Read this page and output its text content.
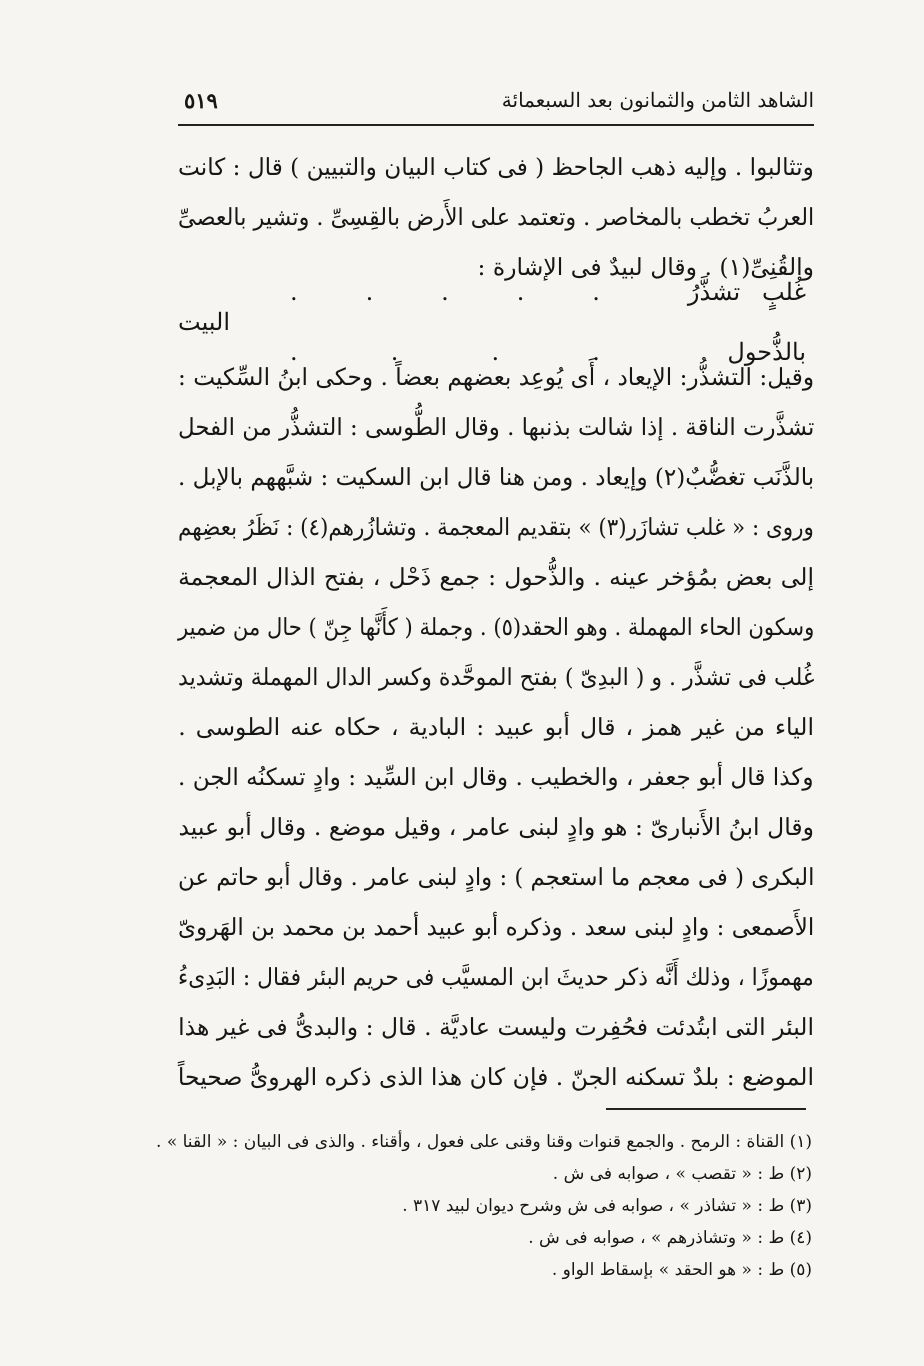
٥١٩	الشاهد الثامن والثمانون بعد السبعمائة
وتثالبوا . وإليه ذهب الجاحظ ( فى كتاب البيان والتبيين ) قال : كانت
العربُ تخطب بالمخاصر . وتعتمد على الأَرض بالقِسِىِّ . وتشير بالعصىِّ
والقُنِىِّ(١) . وقال لبيدٌ فى الإشارة :
غُلبٍ تشذَّرُ بالذُّحول
. . . . . . . . .
البيت
وقيل: التشذُّر: الإيعاد ، أَى يُوعِد بعضهم بعضاً . وحكى ابنُ السِّكيت :
تشذَّرت الناقة . إذا شالت بذنبها . وقال الطُّوسى : التشذُّر من الفحل
بالذَّنَب تغضُّبٌ(٢) وإيعاد . ومن هنا قال ابن السكيت : شبَّههم بالإبل .
وروى : « غلب تشازَر(٣) » بتقديم المعجمة . وتشازُرهم(٤) : نَظَرُ بعضِهم
إلى بعض بمُؤخر عينه . والذُّحول : جمع ذَحْل ، بفتح الذال المعجمة
وسكون الحاء المهملة . وهو الحقد(٥) . وجملة ( كأَنَّها جِنّ ) حال من ضمير
غُلب فى تشذَّر . و ( البدِىّ ) بفتح الموحَّدة وكسر الدال المهملة وتشديد
الياء من غير همز ، قال أبو عبيد : البادية ، حكاه عنه الطوسى .
وكذا قال أبو جعفر ، والخطيب . وقال ابن السِّيد : وادٍ تسكنُه الجن .
وقال ابنُ الأَنبارىّ : هو وادٍ لبنى عامر ، وقيل موضع . وقال أبو عبيد
البكرى ( فى معجم ما استعجم ) : وادٍ لبنى عامر . وقال أبو حاتم عن
الأَصمعى : وادٍ لبنى سعد . وذكره أبو عبيد أحمد بن محمد بن الهَروىّ
مهموزًا ، وذلك أَنَّه ذكر حديثَ ابن المسيَّب فى حريم البئر فقال : البَدِىءُ
البئر التى ابتُدئت فحُفِرت وليست عاديَّة . قال : والبدىُّ فى غير هذا
الموضع : بلدٌ تسكنه الجنّ . فإن كان هذا الذى ذكره الهروىُّ صحيحاً
(١) القناة : الرمح . والجمع قنوات وقنا وقنى على فعول ، وأقناء . والذى فى البيان : « القنا » .
(٢) ط : « تقصب » ، صوابه فى ش .
(٣) ط : « تشاذر » ، صوابه فى ش وشرح ديوان لبيد ٣١٧ .
(٤) ط : « وتشاذرهم » ، صوابه فى ش .
(٥) ط : « هو الحقد » بإسقاط الواو .
